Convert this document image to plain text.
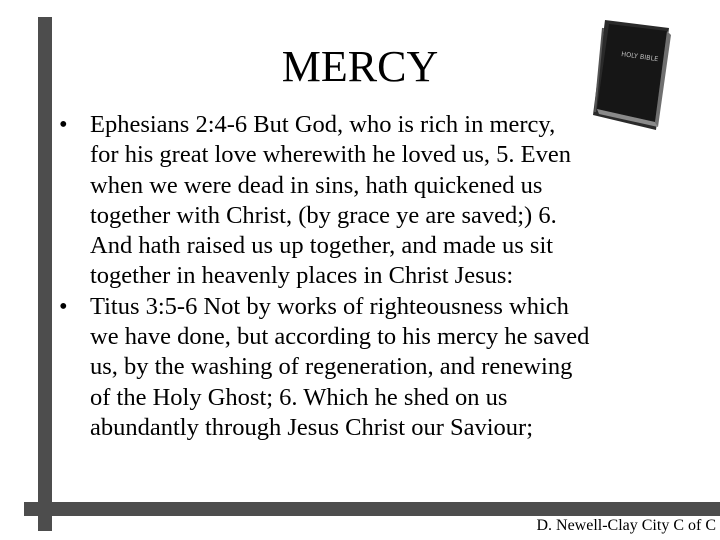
MERCY	HOLY BIBLE
• Ephesians 2:4-6 But God, who is rich in mercy,
for his great love wherewith he loved us, 5. Even
when we were dead in sins, hath quickened us
together with Christ, (by grace ye are saved;) 6.
And hath raised us up together, and made us sit
together in heavenly places in Christ Jesus:
• Titus 3:5-6 Not by works of righteousness which
we have done, but according to his mercy he saved
us, by the washing of regeneration, and renewing
of the Holy Ghost; 6. Which he shed on us
abundantly through Jesus Christ our Saviour;
D. Newell-Clay City C of C
